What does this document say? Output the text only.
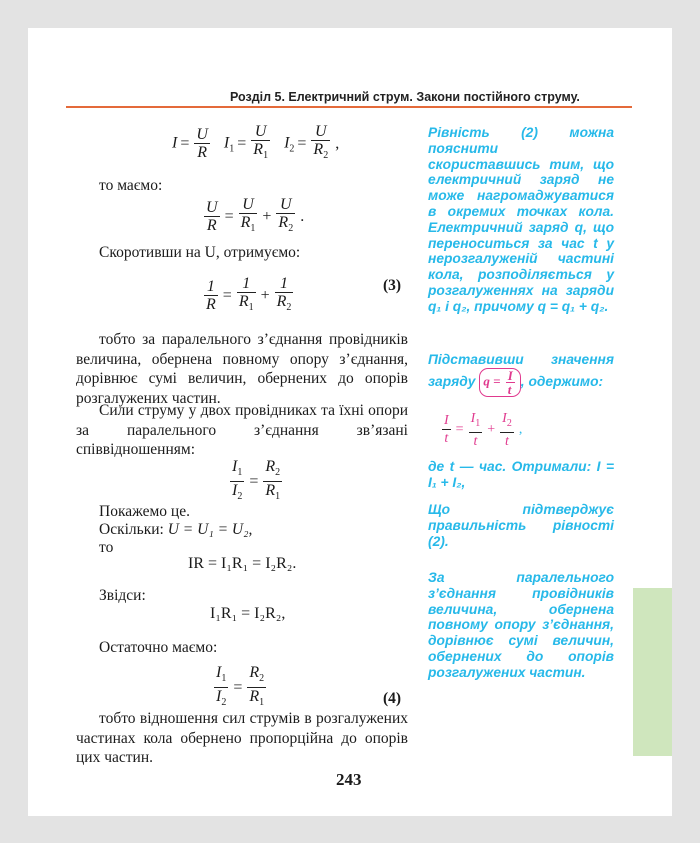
Розділ 5. Електричний струм. Закони постійного струму.
$I = \frac{U}{R} I_1 = \frac{U}{R_1} I_2 = \frac{U}{R_2}$ ,
то маємо:
$\frac{U}{R} = \frac{U}{R_1} + \frac{U}{R_2}$ .
Скоротивши на U, отримуємо:
$\frac{1}{R} = \frac{1}{R_1} + \frac{1}{R_2}$	(3)
тобто за паралельного з’єднання провідників величина, обернена повному опору з’єднання, дорівнює сумі величин, обернених до опорів розгалужених частин.
Сили струму у двох провідниках та їхні опори за паралельного з’єднання зв’язані співвідношенням:
$\frac{I_1}{I_2} = \frac{R_2}{R_1}$
Покажемо це.
Оскільки: U = U₁ = U₂,
то
IR = I₁R₁ = I₂R₂.
Звідси:
I₁R₁ = I₂R₂,
Остаточно маємо:
$\frac{I_1}{I_2} = \frac{R_2}{R_1}$	(4)
тобто відношення сил струмів в розгалужених частинах кола обернено пропорційна до опорів цих частин.
243
Рівність (2) можна пояснити скориставшись тим, що електричний заряд не може нагромаджуватися в окремих точках кола. Електричний заряд q, що переноситься за час t у нерозгалуженій частині кола, розподіляється у розгалуженнях на заряди q₁ і q₂, причому q = q₁ + q₂.
Підставивши значення заряду $q = \frac{I}{t}$ , одержимо:
$\frac{I}{t} = \frac{I_1}{t} + \frac{I_2}{t}$ ,
де t — час. Отримали: I = I₁ + I₂,
Що підтверджує правильність рівності (2).
За паралельного з’єднання провідників величина, обернена повному опору з’єднання, дорівнює сумі величин, обернених до опорів розгалужених частин.
